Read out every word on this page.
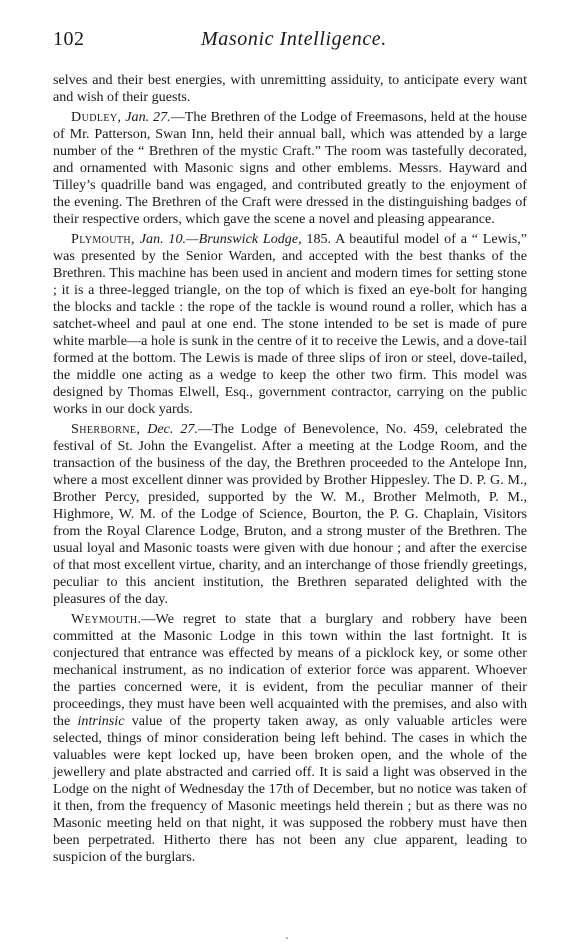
102	Masonic Intelligence.

selves and their best energies, with unremitting assiduity, to anticipate every want and wish of their guests.

Dudley, Jan. 27.—The Brethren of the Lodge of Freemasons, held at the house of Mr. Patterson, Swan Inn, held their annual ball, which was attended by a large number of the “ Brethren of the mystic Craft.” The room was tastefully decorated, and ornamented with Masonic signs and other emblems. Messrs. Hayward and Tilley’s quadrille band was engaged, and contributed greatly to the enjoyment of the evening. The Brethren of the Craft were dressed in the distinguishing badges of their respective orders, which gave the scene a novel and pleasing appearance.

Plymouth, Jan. 10.—Brunswick Lodge, 185. A beautiful model of a “ Lewis,” was presented by the Senior Warden, and accepted with the best thanks of the Brethren. This machine has been used in ancient and modern times for setting stone ; it is a three-legged triangle, on the top of which is fixed an eye-bolt for hanging the blocks and tackle : the rope of the tackle is wound round a roller, which has a satchet-wheel and paul at one end. The stone intended to be set is made of pure white marble—a hole is sunk in the centre of it to receive the Lewis, and a dove-tail formed at the bottom. The Lewis is made of three slips of iron or steel, dove-tailed, the middle one acting as a wedge to keep the other two firm. This model was designed by Thomas Elwell, Esq., government contractor, carrying on the public works in our dock yards.

Sherborne, Dec. 27.—The Lodge of Benevolence, No. 459, celebrated the festival of St. John the Evangelist. After a meeting at the Lodge Room, and the transaction of the business of the day, the Brethren proceeded to the Antelope Inn, where a most excellent dinner was provided by Brother Hippesley. The D. P. G. M., Brother Percy, presided, supported by the W. M., Brother Melmoth, P. M., Highmore, W. M. of the Lodge of Science, Bourton, the P. G. Chaplain, Visitors from the Royal Clarence Lodge, Bruton, and a strong muster of the Brethren. The usual loyal and Masonic toasts were given with due honour ; and after the exercise of that most excellent virtue, charity, and an interchange of those friendly greetings, peculiar to this ancient institution, the Brethren separated delighted with the pleasures of the day.

Weymouth.—We regret to state that a burglary and robbery have been committed at the Masonic Lodge in this town within the last fortnight. It is conjectured that entrance was effected by means of a picklock key, or some other mechanical instrument, as no indication of exterior force was apparent. Whoever the parties concerned were, it is evident, from the peculiar manner of their proceedings, they must have been well acquainted with the premises, and also with the intrinsic value of the property taken away, as only valuable articles were selected, things of minor consideration being left behind. The cases in which the valuables were kept locked up, have been broken open, and the whole of the jewellery and plate abstracted and carried off. It is said a light was observed in the Lodge on the night of Wednesday the 17th of December, but no notice was taken of it then, from the frequency of Masonic meetings held therein ; but as there was no Masonic meeting held on that night, it was supposed the robbery must have then been perpetrated. Hitherto there has not been any clue apparent, leading to suspicion of the burglars.
